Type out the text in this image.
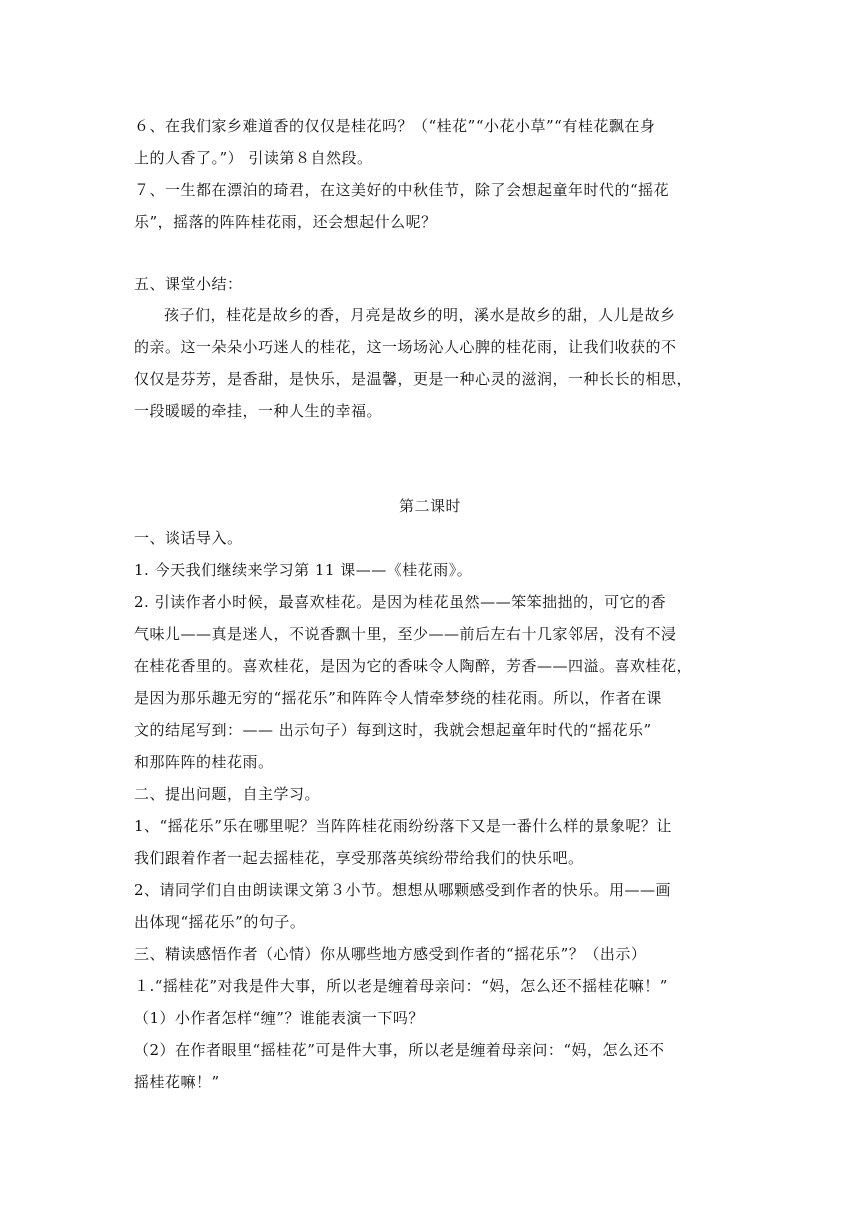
６、在我们家乡难道香的仅仅是桂花吗？（“桂花”“小花小草”“有桂花飘在身

上的人香了。”） 引读第８自然段。

７、一生都在漂泊的琦君，在这美好的中秋佳节，除了会想起童年时代的“摇花

乐”，摇落的阵阵桂花雨，还会想起什么呢？

五、课堂小结：

孩子们，桂花是故乡的香，月亮是故乡的明，溪水是故乡的甜，人儿是故乡

的亲。这一朵朵小巧迷人的桂花，这一场场沁人心脾的桂花雨，让我们收获的不

仅仅是芬芳，是香甜，是快乐，是温馨，更是一种心灵的滋润，一种长长的相思，

一段暖暖的牵挂，一种人生的幸福。

第二课时

一、谈话导入。

1. 今天我们继续来学习第 11 课——《桂花雨》。

2. 引读作者小时候，最喜欢桂花。是因为桂花虽然——笨笨拙拙的，可它的香

气味儿——真是迷人，不说香飘十里，至少——前后左右十几家邻居，没有不浸

在桂花香里的。喜欢桂花，是因为它的香味令人陶醉，芳香——四溢。喜欢桂花，

是因为那乐趣无穷的“摇花乐”和阵阵令人情牵梦绕的桂花雨。所以，作者在课

文的结尾写到：—— 出示句子）每到这时，我就会想起童年时代的“摇花乐”

和那阵阵的桂花雨。

二、提出问题，自主学习。

1、“摇花乐”乐在哪里呢？当阵阵桂花雨纷纷落下又是一番什么样的景象呢？让

我们跟着作者一起去摇桂花，享受那落英缤纷带给我们的快乐吧。

2、请同学们自由朗读课文第３小节。想想从哪颗感受到作者的快乐。用——画

出体现“摇花乐”的句子。

三、精读感悟作者（心情）你从哪些地方感受到作者的“摇花乐”？（出示）

１.“摇桂花”对我是件大事，所以老是缠着母亲问：“妈，怎么还不摇桂花嘛！”

（1）小作者怎样“缠”？谁能表演一下吗？

（2）在作者眼里“摇桂花”可是件大事，所以老是缠着母亲问：“妈，怎么还不

摇桂花嘛！”
